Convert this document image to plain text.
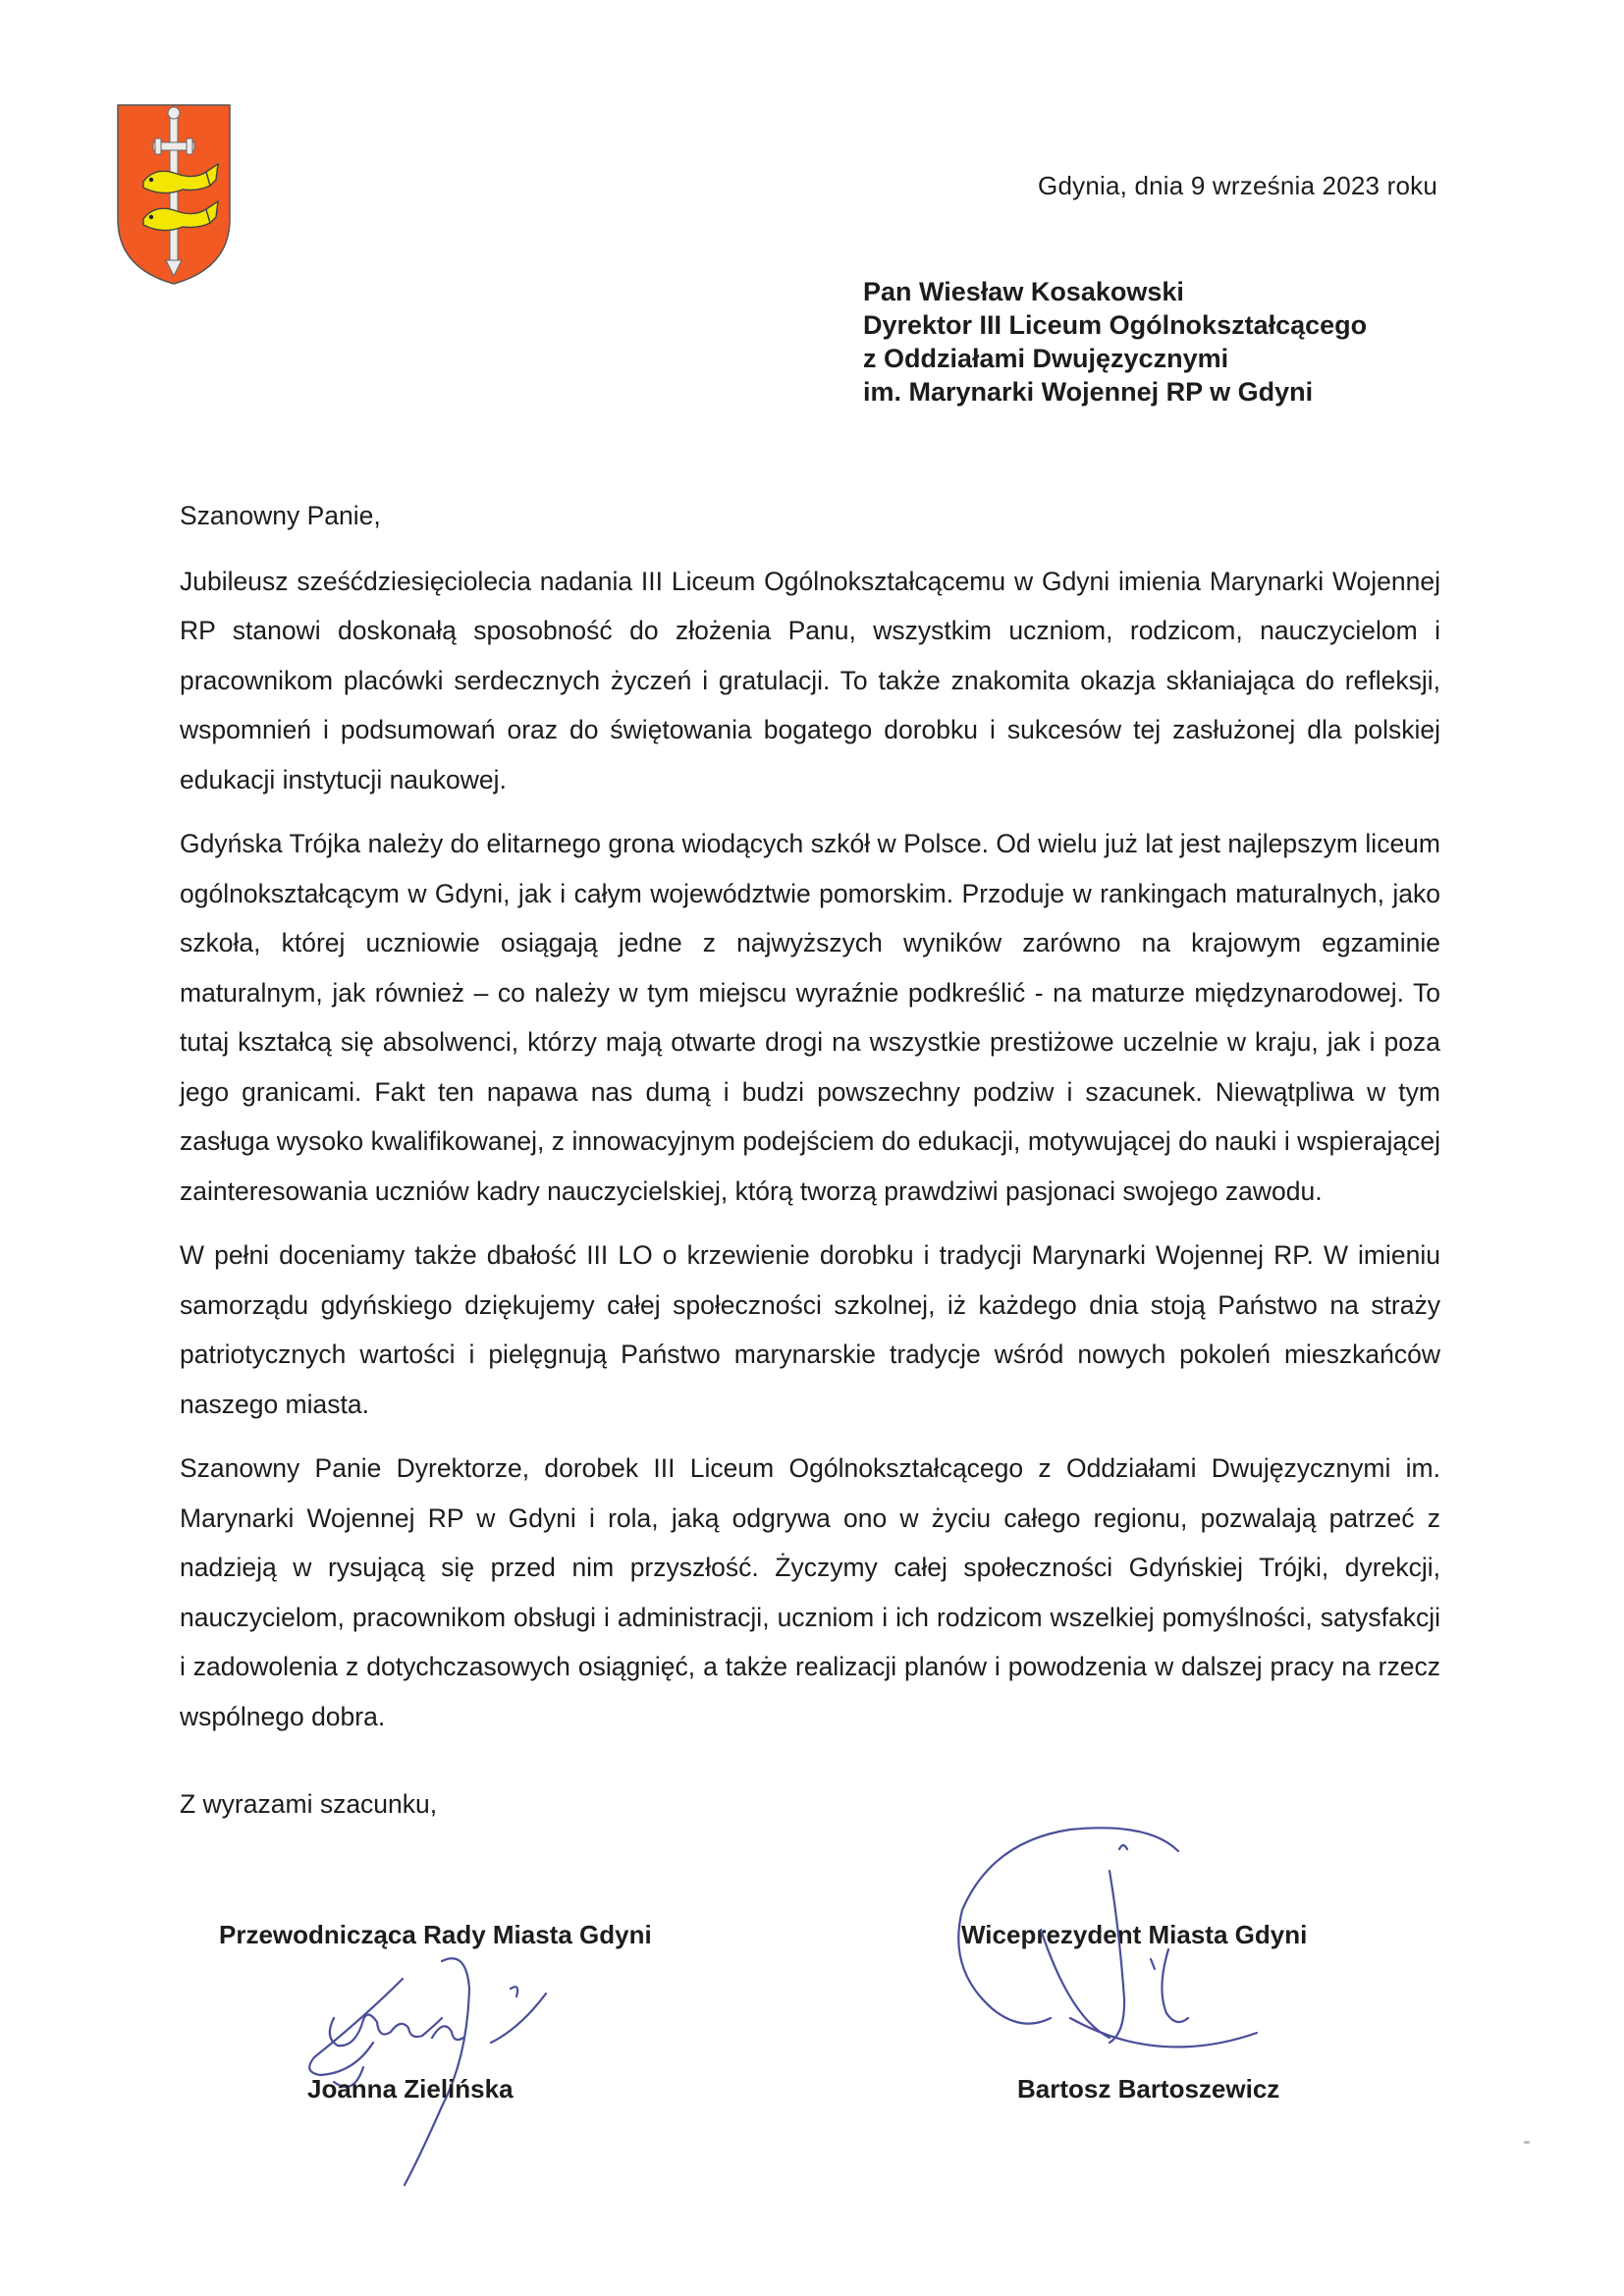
Gdynia, dnia 9 września 2023 roku
Pan Wiesław Kosakowski
Dyrektor III Liceum Ogólnokształcącego
z Oddziałami Dwujęzycznymi
im. Marynarki Wojennej RP w Gdyni

Szanowny Panie,

Jubileusz sześćdziesięciolecia nadania III Liceum Ogólnokształcącemu w Gdyni imienia Marynarki Wojennej RP stanowi doskonałą sposobność do złożenia Panu, wszystkim uczniom, rodzicom, nauczycielom i pracownikom placówki serdecznych życzeń i gratulacji. To także znakomita okazja skłaniająca do refleksji, wspomnień i podsumowań oraz do świętowania bogatego dorobku i sukcesów tej zasłużonej dla polskiej edukacji instytucji naukowej.

Gdyńska Trójka należy do elitarnego grona wiodących szkół w Polsce. Od wielu już lat jest najlepszym liceum ogólnokształcącym w Gdyni, jak i całym województwie pomorskim. Przoduje w rankingach maturalnych, jako szkoła, której uczniowie osiągają jedne z najwyższych wyników zarówno na krajowym egzaminie maturalnym, jak również – co należy w tym miejscu wyraźnie podkreślić - na maturze międzynarodowej. To tutaj kształcą się absolwenci, którzy mają otwarte drogi na wszystkie prestiżowe uczelnie w kraju, jak i poza jego granicami. Fakt ten napawa nas dumą i budzi powszechny podziw i szacunek. Niewątpliwa w tym zasługa wysoko kwalifikowanej, z innowacyjnym podejściem do edukacji, motywującej do nauki i wspierającej zainteresowania uczniów kadry nauczycielskiej, którą tworzą prawdziwi pasjonaci swojego zawodu.

W pełni doceniamy także dbałość III LO o krzewienie dorobku i tradycji Marynarki Wojennej RP. W imieniu samorządu gdyńskiego dziękujemy całej społeczności szkolnej, iż każdego dnia stoją Państwo na straży patriotycznych wartości i pielęgnują Państwo marynarskie tradycje wśród nowych pokoleń mieszkańców naszego miasta.

Szanowny Panie Dyrektorze, dorobek III Liceum Ogólnokształcącego z Oddziałami Dwujęzycznymi im. Marynarki Wojennej RP w Gdyni i rola, jaką odgrywa ono w życiu całego regionu, pozwalają patrzeć z nadzieją w rysującą się przed nim przyszłość. Życzymy całej społeczności Gdyńskiej Trójki, dyrekcji, nauczycielom, pracownikom obsługi i administracji, uczniom i ich rodzicom wszelkiej pomyślności, satysfakcji i zadowolenia z dotychczasowych osiągnięć, a także realizacji planów i powodzenia w dalszej pracy na rzecz wspólnego dobra.

Z wyrazami szacunku,
Przewodnicząca Rady Miasta Gdyni
Joanna Zielińska
Wiceprezydent Miasta Gdyni
Bartosz Bartoszewicz
